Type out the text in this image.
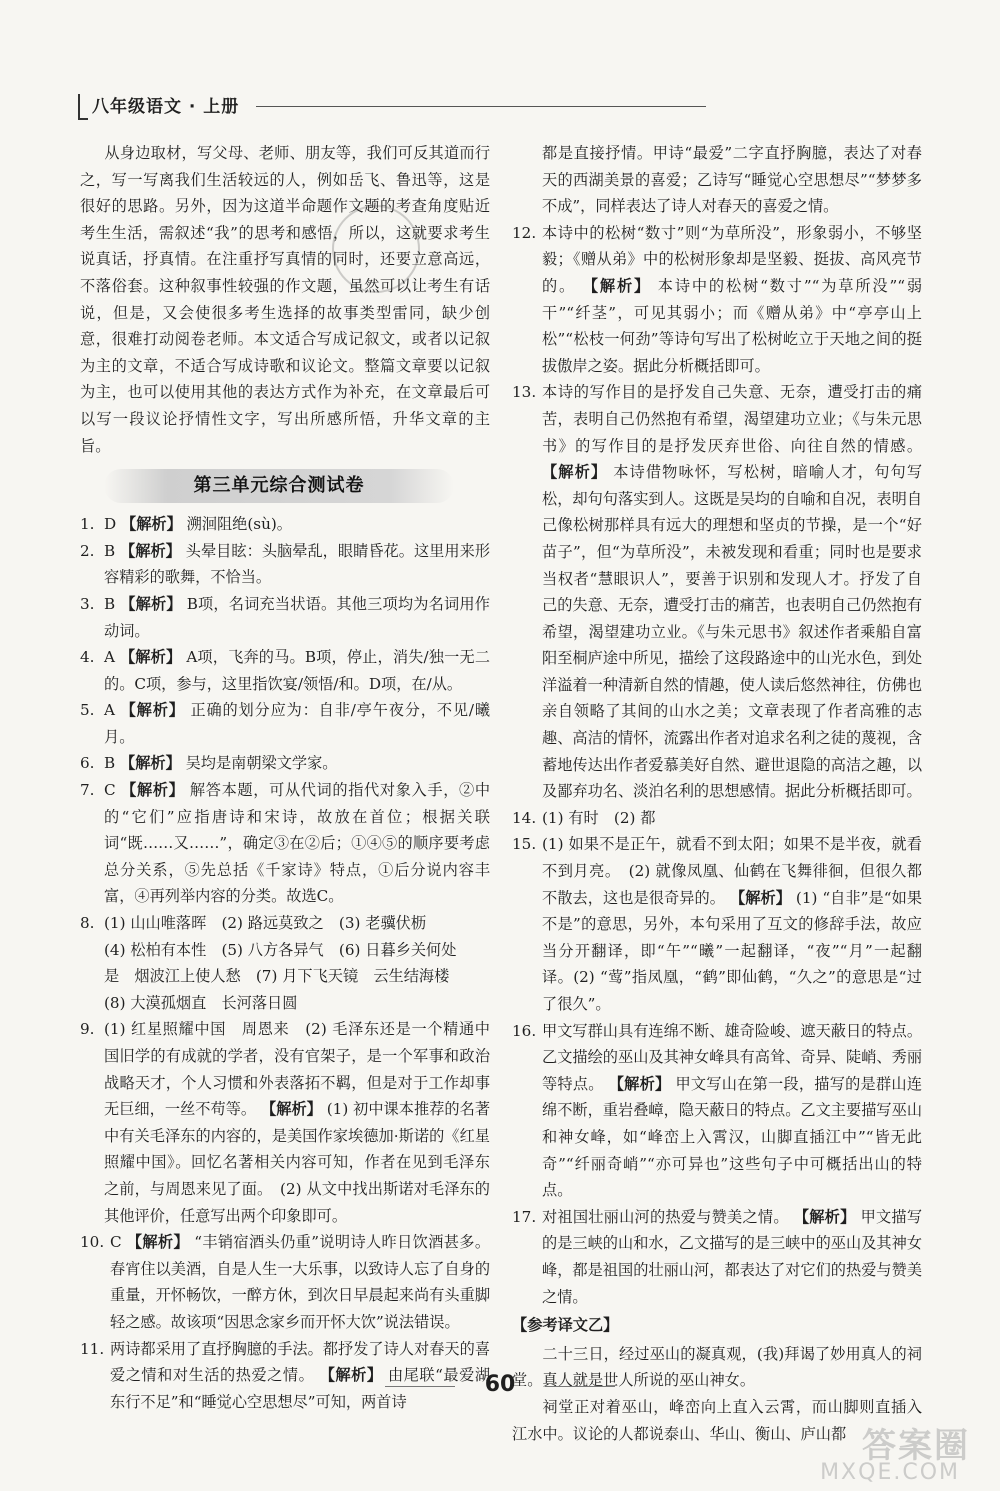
八年级语文 · 上册

从身边取材，写父母、老师、朋友等，我们可反其道而行之，写一写离我们生活较远的人，例如岳飞、鲁迅等，这是很好的思路。另外，因为这道半命题作文题的考查角度贴近考生生活，需叙述“我”的思考和感悟，所以，这就要求考生说真话，抒真情。在注重抒写真情的同时，还要立意高远，不落俗套。这种叙事性较强的作文题，虽然可以让考生有话说，但是，又会使很多考生选择的故事类型雷同，缺少创意，很难打动阅卷老师。本文适合写成记叙文，或者以记叙为主的文章，不适合写成诗歌和议论文。整篇文章要以记叙为主，也可以使用其他的表达方式作为补充，在文章最后可以写一段议论抒情性文字，写出所感所悟，升华文章的主旨。

第三单元综合测试卷

1. D 【解析】 溯洄阻绝(sù)。

2. B 【解析】 头晕目眩：头脑晕乱，眼睛昏花。这里用来形容精彩的歌舞，不恰当。

3. B 【解析】 B项，名词充当状语。其他三项均为名词用作动词。

4. A 【解析】 A项，飞奔的马。B项，停止，消失/独一无二的。C项，参与，这里指饮宴/领悟/和。D项，在/从。

5. A 【解析】 正确的划分应为：自非/亭午夜分，不见/曦月。

6. B 【解析】 吴均是南朝梁文学家。

7. C 【解析】 解答本题，可从代词的指代对象入手，②中的“它们”应指唐诗和宋诗，故放在首位；根据关联词“既……又……”，确定③在②后；①④⑤的顺序要考虑总分关系，⑤先总括《千家诗》特点，①后分说内容丰富，④再列举内容的分类。故选C。

8. (1) 山山唯落晖　(2) 路远莫致之　(3) 老骥伏枥
(4) 松柏有本性　(5) 八方各异气　(6) 日暮乡关何处
是　烟波江上使人愁　(7) 月下飞天镜　云生结海楼
(8) 大漠孤烟直　长河落日圆

9. (1) 红星照耀中国　周恩来　(2) 毛泽东还是一个精通中国旧学的有成就的学者，没有官架子，是一个军事和政治战略天才，个人习惯和外表落拓不羁，但是对于工作却事无巨细，一丝不苟等。 【解析】 (1) 初中课本推荐的名著中有关毛泽东的内容的，是美国作家埃德加·斯诺的《红星照耀中国》。回忆名著相关内容可知，作者在见到毛泽东之前，与周恩来见了面。　(2) 从文中找出斯诺对毛泽东的其他评价，任意写出两个印象即可。

10. C 【解析】 “丰销宿酒头仍重”说明诗人昨日饮酒甚多。春宵住以美酒，自是人生一大乐事，以致诗人忘了自身的重量，开怀畅饮，一醉方休，到次日早晨起来尚有头重脚轻之感。故该项“因思念家乡而开怀大饮”说法错误。

11. 两诗都采用了直抒胸臆的手法。都抒发了诗人对春天的喜爱之情和对生活的热爱之情。 【解析】 由尾联“最爱湖东行不足”和“睡觉心空思想尽”可知，两首诗

都是直接抒情。甲诗“最爱”二字直抒胸臆，表达了对春天的西湖美景的喜爱；乙诗写“睡觉心空思想尽”“梦梦多不成”，同样表达了诗人对春天的喜爱之情。

12. 本诗中的松树“数寸”则“为草所没”，形象弱小，不够坚毅；《赠从弟》中的松树形象却是坚毅、挺拔、高风亮节的。 【解析】 本诗中的松树“数寸”“为草所没”“弱干”“纤茎”，可见其弱小；而《赠从弟》中“亭亭山上松”“松枝一何劲”等诗句写出了松树屹立于天地之间的挺拔傲岸之姿。据此分析概括即可。

13. 本诗的写作目的是抒发自己失意、无奈，遭受打击的痛苦，表明自己仍然抱有希望，渴望建功立业；《与朱元思书》的写作目的是抒发厌弃世俗、向往自然的情感。 【解析】 本诗借物咏怀，写松树，暗喻人才，句句写松，却句句落实到人。这既是吴均的自喻和自况，表明自己像松树那样具有远大的理想和坚贞的节操，是一个“好苗子”，但“为草所没”，未被发现和看重；同时也是要求当权者“慧眼识人”，要善于识别和发现人才。抒发了自己的失意、无奈，遭受打击的痛苦，也表明自己仍然抱有希望，渴望建功立业。《与朱元思书》叙述作者乘船自富阳至桐庐途中所见，描绘了这段路途中的山光水色，到处洋溢着一种清新自然的情趣，使人读后悠然神往，仿佛也亲自领略了其间的山水之美；文章表现了作者高雅的志趣、高洁的情怀，流露出作者对追求名利之徒的蔑视，含蓄地传达出作者爱慕美好自然、避世退隐的高洁之趣，以及鄙弃功名、淡泊名利的思想感情。据此分析概括即可。

14. (1) 有时　(2) 都

15. (1) 如果不是正午，就看不到太阳；如果不是半夜，就看不到月亮。　(2) 就像凤凰、仙鹤在飞舞徘徊，但很久都不散去，这也是很奇异的。 【解析】 (1) “自非”是“如果不是”的意思，另外，本句采用了互文的修辞手法，故应当分开翻译，即“午”“曦”一起翻译，“夜”“月”一起翻译。(2) “莺”指凤凰，“鹤”即仙鹤，“久之”的意思是“过了很久”。

16. 甲文写群山具有连绵不断、雄奇险峻、遮天蔽日的特点。乙文描绘的巫山及其神女峰具有高耸、奇异、陡峭、秀丽等特点。 【解析】 甲文写山在第一段，描写的是群山连绵不断，重岩叠嶂，隐天蔽日的特点。乙文主要描写巫山和神女峰，如“峰峦上入霄汉，山脚直插江中”“皆无此奇”“纤丽奇峭”“亦可异也”这些句子中可概括出山的特点。

17. 对祖国壮丽山河的热爱与赞美之情。 【解析】 甲文描写的是三峡的山和水，乙文描写的是三峡中的巫山及其神女峰，都是祖国的壮丽山河，都表达了对它们的热爱与赞美之情。

【参考译文乙】

二十三日，经过巫山的凝真观，(我)拜谒了妙用真人的祠堂。真人就是世人所说的巫山神女。

祠堂正对着巫山，峰峦向上直入云霄，而山脚则直插入江水中。议论的人都说泰山、华山、衡山、庐山都

60
答案圈
MXQE.COM
